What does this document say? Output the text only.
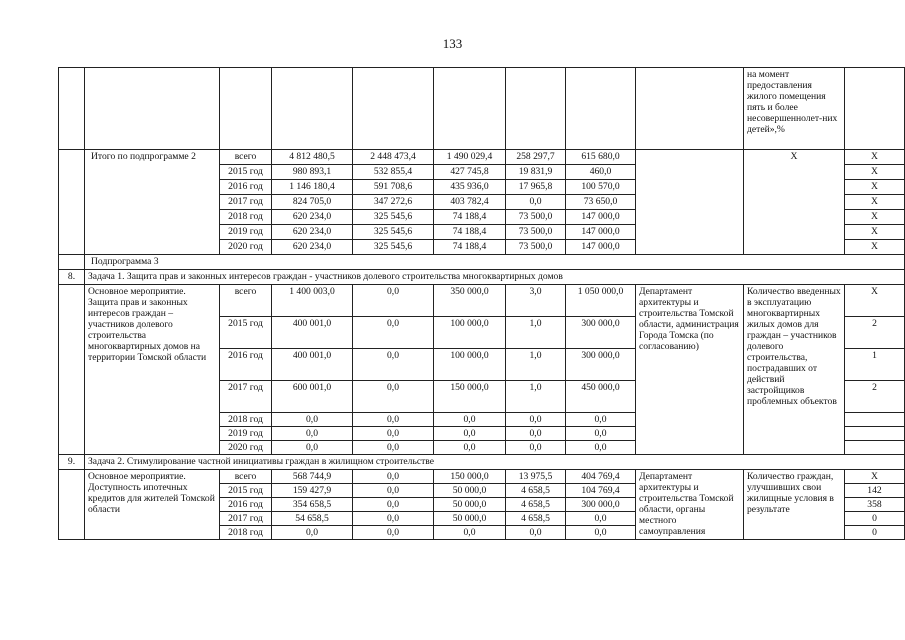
133
									на момент предоставления жилого помещения пять и более несовершеннолет-них детей»,%	
	Итого по подпрограмме 2	всего	4 812 480,5	2 448 473,4	1 490 029,4	258 297,7	615 680,0		Х	Х
		2015 год	980 893,1	532 855,4	427 745,8	19 831,9	460,0			Х
		2016 год	1 146 180,4	591 708,6	435 936,0	17 965,8	100 570,0			Х
		2017 год	824 705,0	347 272,6	403 782,4	0,0	73 650,0			Х
		2018 год	620 234,0	325 545,6	74 188,4	73 500,0	147 000,0			Х
		2019 год	620 234,0	325 545,6	74 188,4	73 500,0	147 000,0			Х
		2020 год	620 234,0	325 545,6	74 188,4	73 500,0	147 000,0			Х
	Подпрограмма 3									
8.	Задача 1. Защита прав и законных интересов граждан - участников долевого строительства многоквартирных домов									
	Основное мероприятие. Защита прав и законных интересов граждан – участников долевого строительства многоквартирных домов на территории Томской области	всего	1 400 003,0	0,0	350 000,0	3,0	1 050 000,0	Департамент архитектуры и строительства Томской области, администрация Города Томска (по согласованию)	Количество введенных в эксплуатацию многоквартирных жилых домов для граждан – участников долевого строительства, пострадавших от действий застройщиков проблемных объектов	Х
		2015 год	400 001,0	0,0	100 000,0	1,0	300 000,0			2
		2016 год	400 001,0	0,0	100 000,0	1,0	300 000,0			1
		2017 год	600 001,0	0,0	150 000,0	1,0	450 000,0			2
		2018 год	0,0	0,0	0,0	0,0	0,0			
		2019 год	0,0	0,0	0,0	0,0	0,0			
		2020 год	0,0	0,0	0,0	0,0	0,0			
9.	Задача 2. Стимулирование частной инициативы граждан в жилищном строительстве									
	Основное мероприятие. Доступность ипотечных кредитов для жителей Томской области	всего	568 744,9	0,0	150 000,0	13 975,5	404 769,4	Департамент архитектуры и строительства Томской области, органы местного самоуправления	Количество граждан, улучшивших свои жилищные условия в результате	Х
		2015 год	159 427,9	0,0	50 000,0	4 658,5	104 769,4			142
		2016 год	354 658,5	0,0	50 000,0	4 658,5	300 000,0			358
		2017 год	54 658,5	0,0	50 000,0	4 658,5	0,0			0
		2018 год	0,0	0,0	0,0	0,0	0,0			0
